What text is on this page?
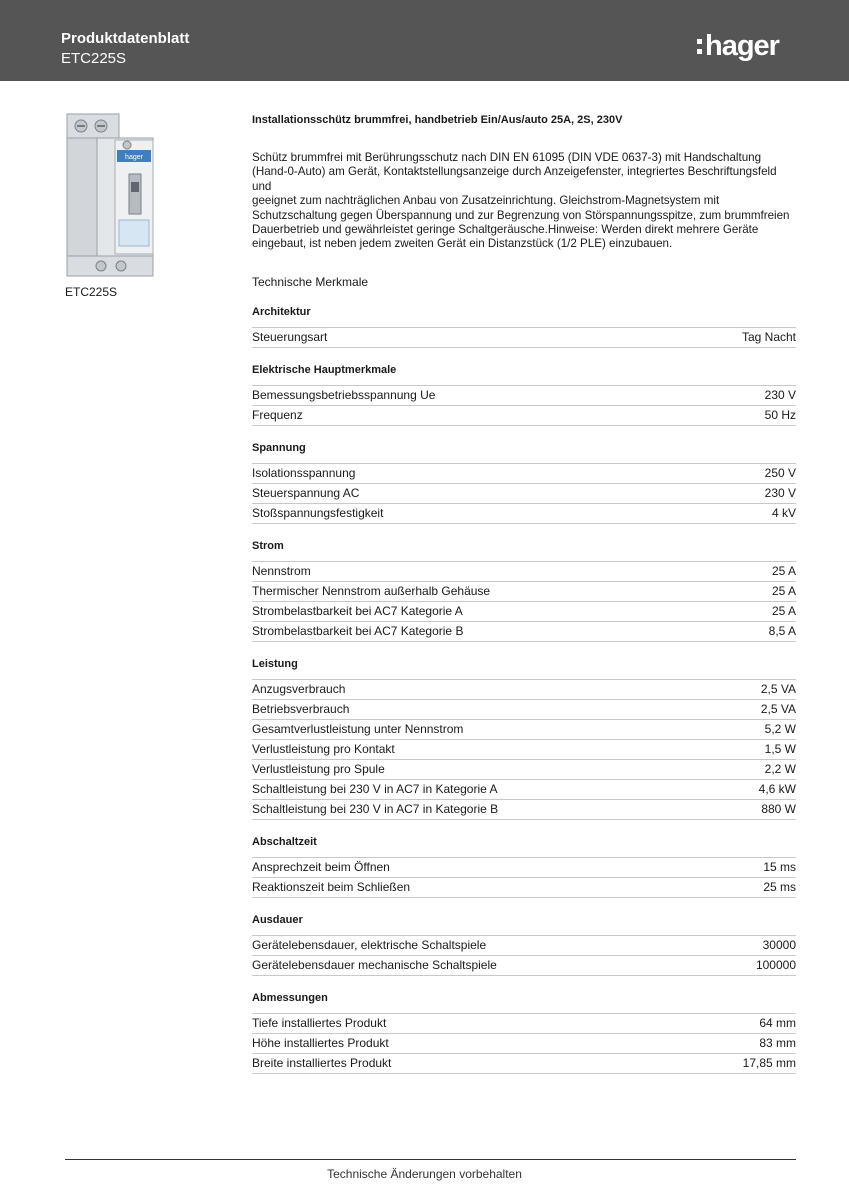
Produktdatenblatt
ETC225S	hager
hager
ETC225S
Installationsschütz brummfrei, handbetrieb Ein/Aus/auto 25A, 2S, 230V
Schütz brummfrei mit Berührungsschutz nach DIN EN 61095 (DIN VDE 0637-3) mit Handschaltung
(Hand-0-Auto) am Gerät, Kontaktstellungsanzeige durch Anzeigefenster, integriertes Beschriftungsfeld und
geeignet zum nachträglichen Anbau von Zusatzeinrichtung. Gleichstrom-Magnetsystem mit
Schutzschaltung gegen Überspannung und zur Begrenzung von Störspannungsspitze, zum brummfreien
Dauerbetrieb und gewährleistet geringe Schaltgeräusche.Hinweise: Werden direkt mehrere Geräte
eingebaut, ist neben jedem zweiten Gerät ein Distanzstück (1/2 PLE) einzubauen.
Technische Merkmale
Architektur
Steuerungsart	Tag Nacht
Elektrische Hauptmerkmale
Bemessungsbetriebsspannung Ue	230 V
Frequenz	50 Hz
Spannung
Isolationsspannung	250 V
Steuerspannung AC	230 V
Stoßspannungsfestigkeit	4 kV
Strom
Nennstrom	25 A
Thermischer Nennstrom außerhalb Gehäuse	25 A
Strombelastbarkeit bei AC7 Kategorie A	25 A
Strombelastbarkeit bei AC7 Kategorie B	8,5 A
Leistung
Anzugsverbrauch	2,5 VA
Betriebsverbrauch	2,5 VA
Gesamtverlustleistung unter Nennstrom	5,2 W
Verlustleistung pro Kontakt	1,5 W
Verlustleistung pro Spule	2,2 W
Schaltleistung bei 230 V in AC7 in Kategorie A	4,6 kW
Schaltleistung bei 230 V in AC7 in Kategorie B	880 W
Abschaltzeit
Ansprechzeit beim Öffnen	15 ms
Reaktionszeit beim Schließen	25 ms
Ausdauer
Gerätelebensdauer, elektrische Schaltspiele	30000
Gerätelebensdauer mechanische Schaltspiele	100000
Abmessungen
Tiefe installiertes Produkt	64 mm
Höhe installiertes Produkt	83 mm
Breite installiertes Produkt	17,85 mm
Technische Änderungen vorbehalten
